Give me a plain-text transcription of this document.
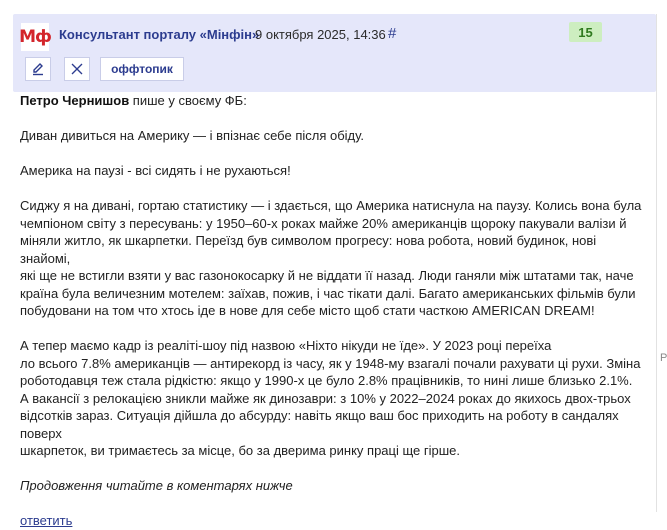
Мф Консультант порталу «Мінфін»
9 октября 2025, 14:36 #	15
оффтопик

Петро Чернишов пише у своєму ФБ:

Диван дивиться на Америку — і впізнає себе після обіду.

Америка на паузі - всі сидять і не рухаються!

Сиджу я на дивані, гортаю статистику — і здається, що Америка натиснула на паузу. Колись вона була
чемпіоном світу з пересувань: у 1950–60-х роках майже 20% американців щороку пакували валізи й
міняли житло, як шкарпетки. Переїзд був символом прогресу: нова робота, новий будинок, нові знайомі,
які ще не встигли взяти у вас газонокосарку й не віддати її назад. Люди ганяли між штатами так, наче
країна була величезним мотелем: заїхав, пожив, і час тікати далі. Багато американських фільмів були
побудовани на том что хтось іде в нове для себе місто щоб стати часткою AMERICAN DREAM!

А тепер маємо кадр із реаліті-шоу під назвою «Ніхто нікуди не їде». У 2023 році переїха
ло всього 7.8% американців — антирекорд із часу, як у 1948-му взагалі почали рахувати ці рухи. Зміна
роботодавця теж стала рідкістю: якщо у 1990-х це було 2.8% працівників, то нині лише близько 2.1%.
А вакансії з релокацією зникли майже як динозаври: з 10% у 2022–2024 роках до якихось двох-трьох
відсотків зараз. Ситуація дійшла до абсурду: навіть якщо ваш бос приходить на роботу в сандалях поверх
шкарпеток, ви тримаєтесь за місце, бо за дверима ринку праці ще гірше.

Продовження читайте в коментарях нижче

ответить
P
